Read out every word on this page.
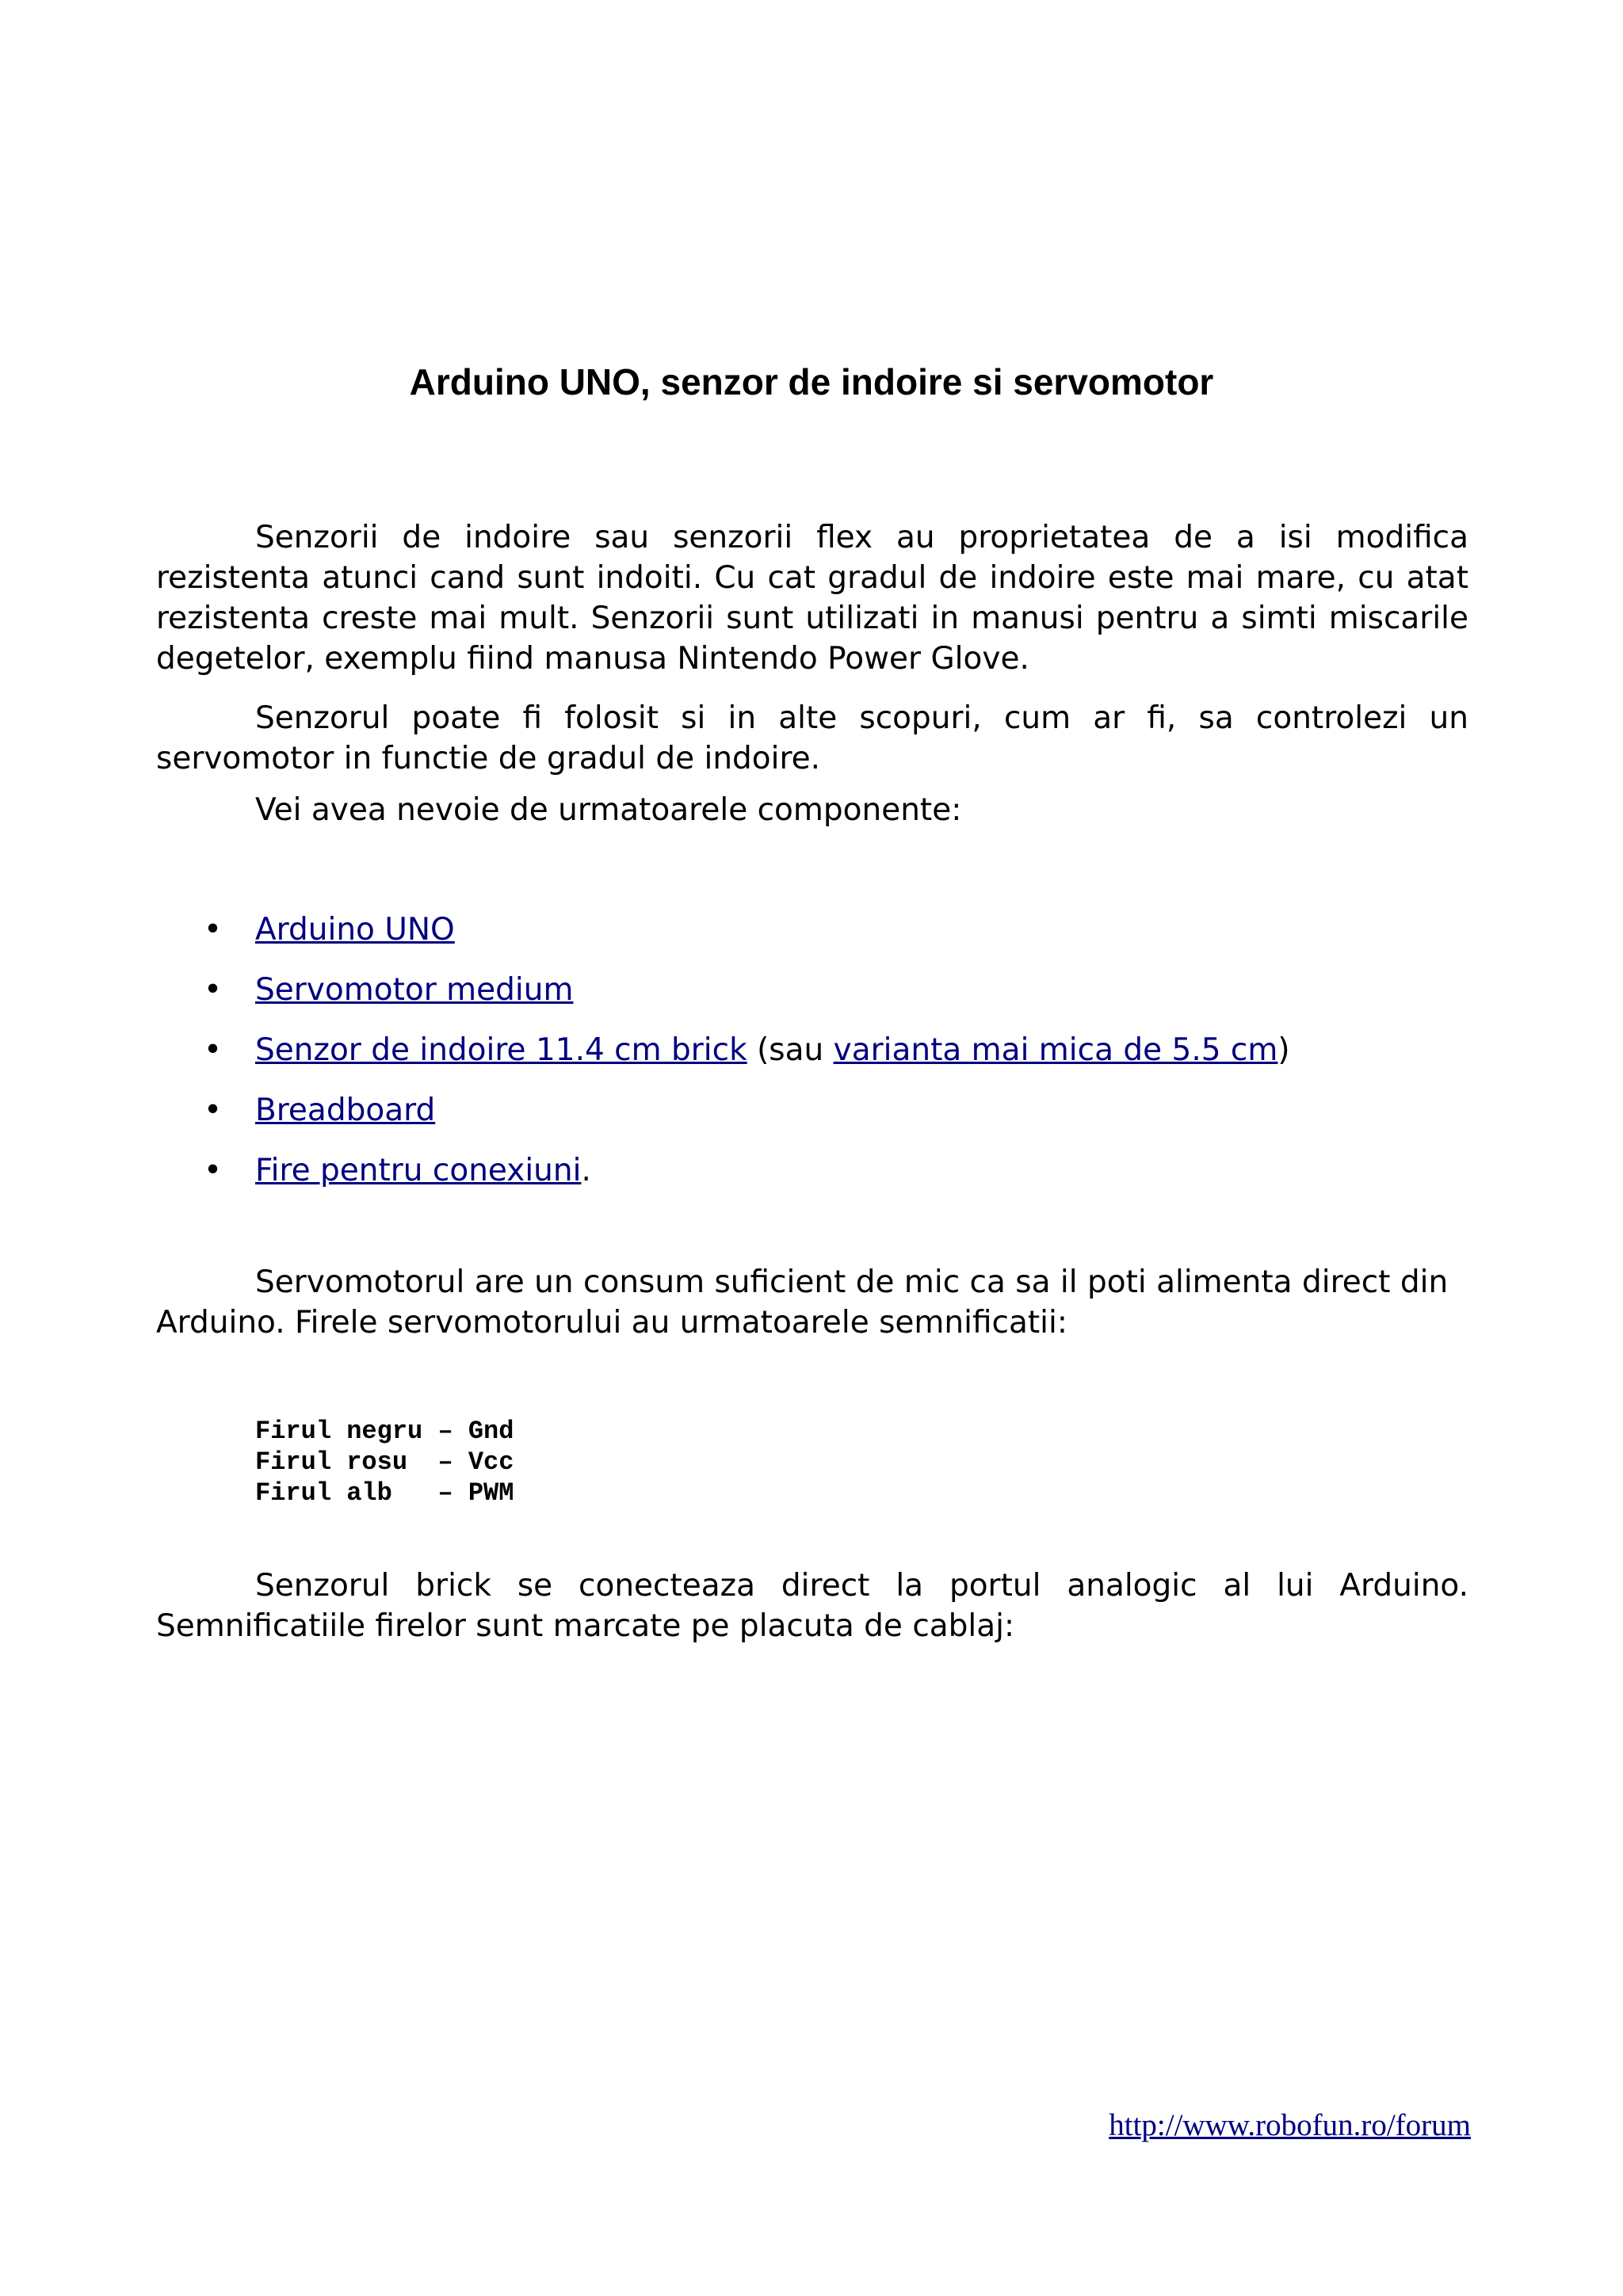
Arduino UNO, senzor de indoire si servomotor

Senzorii de indoire sau senzorii flex au proprietatea de a isi modifica rezistenta atunci cand sunt indoiti. Cu cat gradul de indoire este mai mare, cu atat rezistenta creste mai mult. Senzorii sunt utilizati in manusi pentru a simti miscarile degetelor, exemplu fiind manusa Nintendo Power Glove.

Senzorul poate fi folosit si in alte scopuri, cum ar fi, sa controlezi un servomotor in functie de gradul de indoire.

Vei avea nevoie de urmatoarele componente:

• Arduino UNO
• Servomotor medium
• Senzor de indoire 11.4 cm brick (sau varianta mai mica de 5.5 cm)
• Breadboard
• Fire pentru conexiuni.

Servomotorul are un consum suficient de mic ca sa il poti alimenta direct din Arduino. Firele servomotorului au urmatoarele semnificatii:

Firul negru – Gnd
Firul rosu  – Vcc
Firul alb   – PWM

Senzorul brick se conecteaza direct la portul analogic al lui Arduino. Semnificatiile firelor sunt marcate pe placuta de cablaj:

http://www.robofun.ro/forum
